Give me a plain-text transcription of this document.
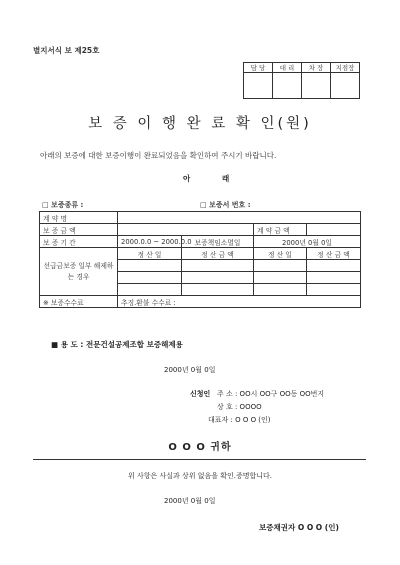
별지서식 보 제25호
담 당	대 리	차 장	지점장

보 증 이 행 완 료 확 인(원)
아래의 보증에 대한 보증이행이 완료되었음을 확인하여 주시기 바랍니다.
아	래
□ 보증종류 :	□ 보증서 번호 :
계 약 명				
보 증 금 액			계 약 금 액	
보 증 기 간	2000.0.0 ~ 2000.0.0	보증책임소멸일	2000년 0월 0일	
선급금보증 일부 해제하는 경우	정 산 일	정 산 금 액	정 산 일	정 산 금 액

※ 보증수수료	추징.환불 수수료 :			
■ 용 도 : 전문건설공제조합 보증해제용
2000년 0월 0일
신청인 주 소 : OO시 OO구 OO동 OO번지
상 호 : OOOO
대표자 : O O O (인)
O O O 귀하
위 사항은 사실과 상위 없음을 확인.증명합니다.
2000년 0월 0일
보증채권자 O O O (인)
